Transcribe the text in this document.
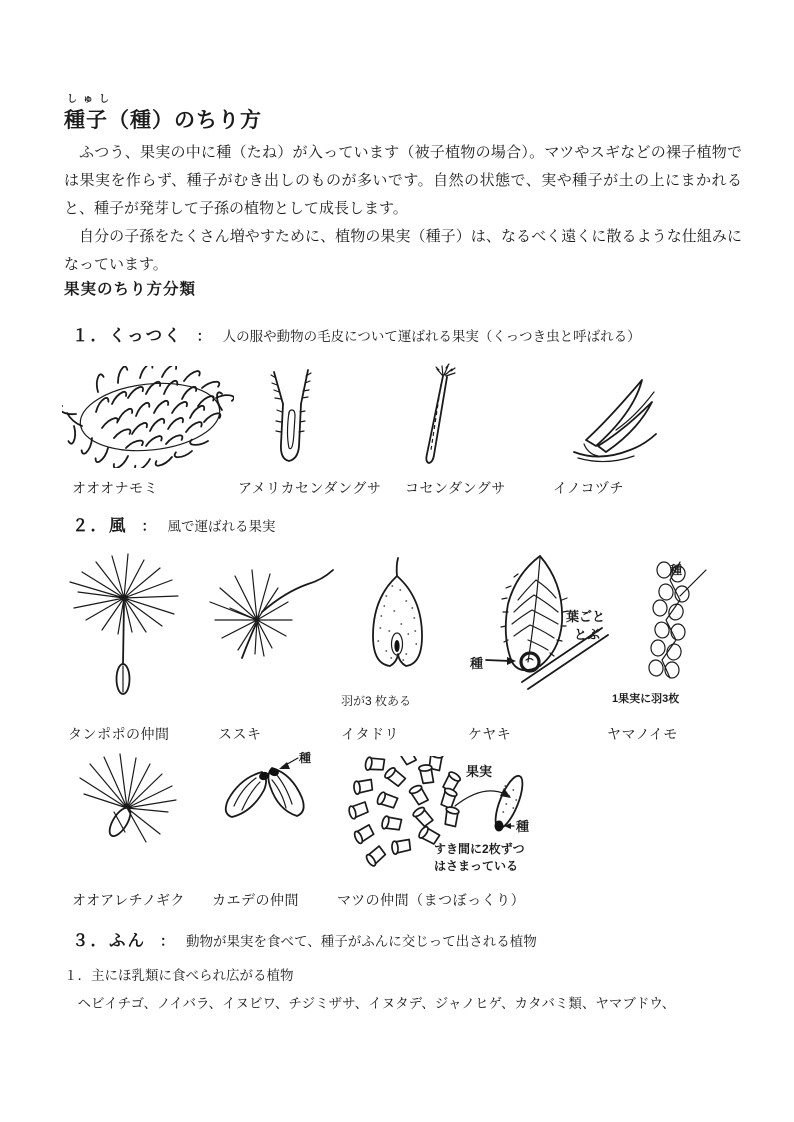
しゅし
種子（種）のちり方
ふつう、果実の中に種（たね）が入っています（被子植物の場合）。マツやスギなどの裸子植物では果実を作らず、種子がむき出しのものが多いです。自然の状態で、実や種子が土の上にまかれると、種子が発芽して子孫の植物として成長します。
自分の子孫をたくさん増やすために、植物の果実（種子）は、なるべく遠くに散るような仕組みになっています。
果実のちり方分類
１．くっつく ： 人の服や動物の毛皮について運ばれる果実（くっつき虫と呼ばれる）
オオオナモミ	アメリカセンダングサ コセンダングサ	イノコヅチ
２．風 ： 風で運ばれる果実
葉ごと
とぶ
種
種
1果実に羽3枚
羽が3 枚ある
タンポポの仲間	ススキ	イタドリ	ケヤキ	ヤマノイモ
種
果実
種
すき間に2枚ずつ
はさまっている
オオアレチノギク カエデの仲間	マツの仲間（まつぼっくり）
３．ふん ： 動物が果実を食べて、種子がふんに交じって出される植物
１．主にほ乳類に食べられ広がる植物
ヘビイチゴ、ノイバラ、イヌビワ、チジミザサ、イヌタデ、ジャノヒゲ、カタバミ類、ヤマブドウ、
